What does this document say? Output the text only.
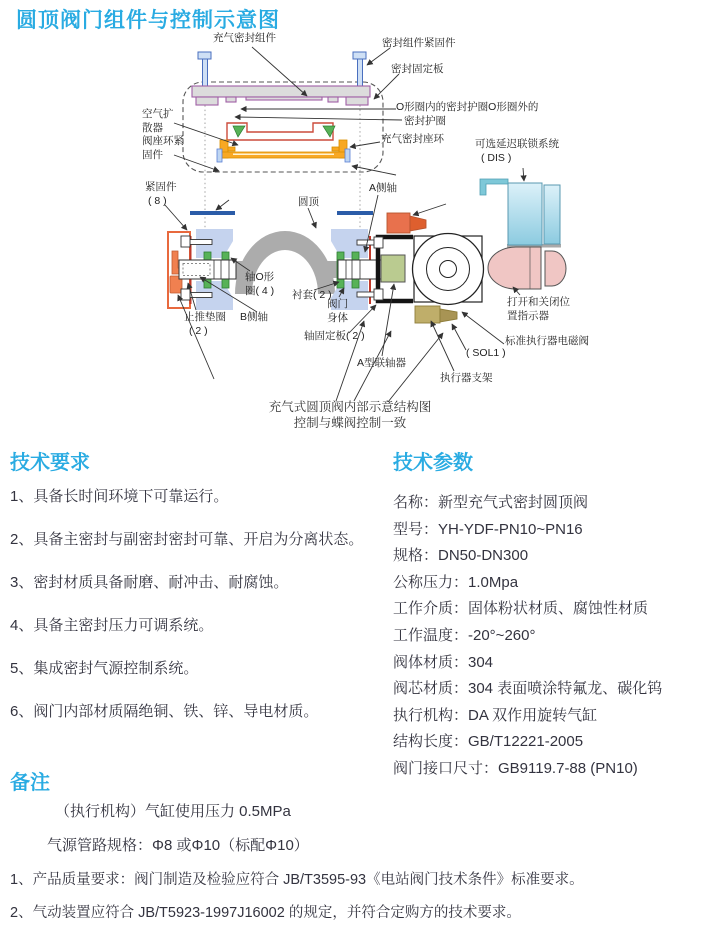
圆顶阀门组件与控制示意图
充气密封组件	密封组件紧固件
密封固定板
O形圈内的密封护圈O形圈外的
密封护圈
充气密封座环
空气扩
散器
阀座环紧
固件
可选延迟联锁系统
( DIS )
紧固件
( 8 )	圆顶
A侧轴
轴O形
圈( 4 ) 衬套( 2 )
阀门
身体
B侧轴
止推垫圈
( 2 )	轴固定板( 2 )
A型联轴器
执行器支架
( SOL1 )
标准执行器电磁阀
打开和关闭位
置指示器
充气式圆顶阀内部示意结构图
控制与蝶阀控制一致
技术要求
1、具备长时间环境下可靠运行。
2、具备主密封与副密封密封可靠、开启为分离状态。
3、密封材质具备耐磨、耐冲击、耐腐蚀。
4、具备主密封压力可调系统。
5、集成密封气源控制系统。
6、阀门内部材质隔绝铜、铁、锌、导电材质。
技术参数
名称：新型充气式密封圆顶阀
型号：YH-YDF-PN10~PN16
规格：DN50-DN300
公称压力：1.0Mpa
工作介质：固体粉状材质、腐蚀性材质
工作温度：-20°~260°
阀体材质：304
阀芯材质：304 表面喷涂特氟龙、碳化钨
执行机构：DA 双作用旋转气缸
结构长度：GB/T12221-2005
阀门接口尺寸：GB9119.7-88 (PN10)
备注
（执行机构）气缸使用压力 0.5MPa
气源管路规格：Φ8 或Φ10（标配Φ10）
1、产品质量要求：阀门制造及检验应符合 JB/T3595-93《电站阀门技术条件》标准要求。
2、气动装置应符合 JB/T5923-1997J16002 的规定，并符合定购方的技术要求。
